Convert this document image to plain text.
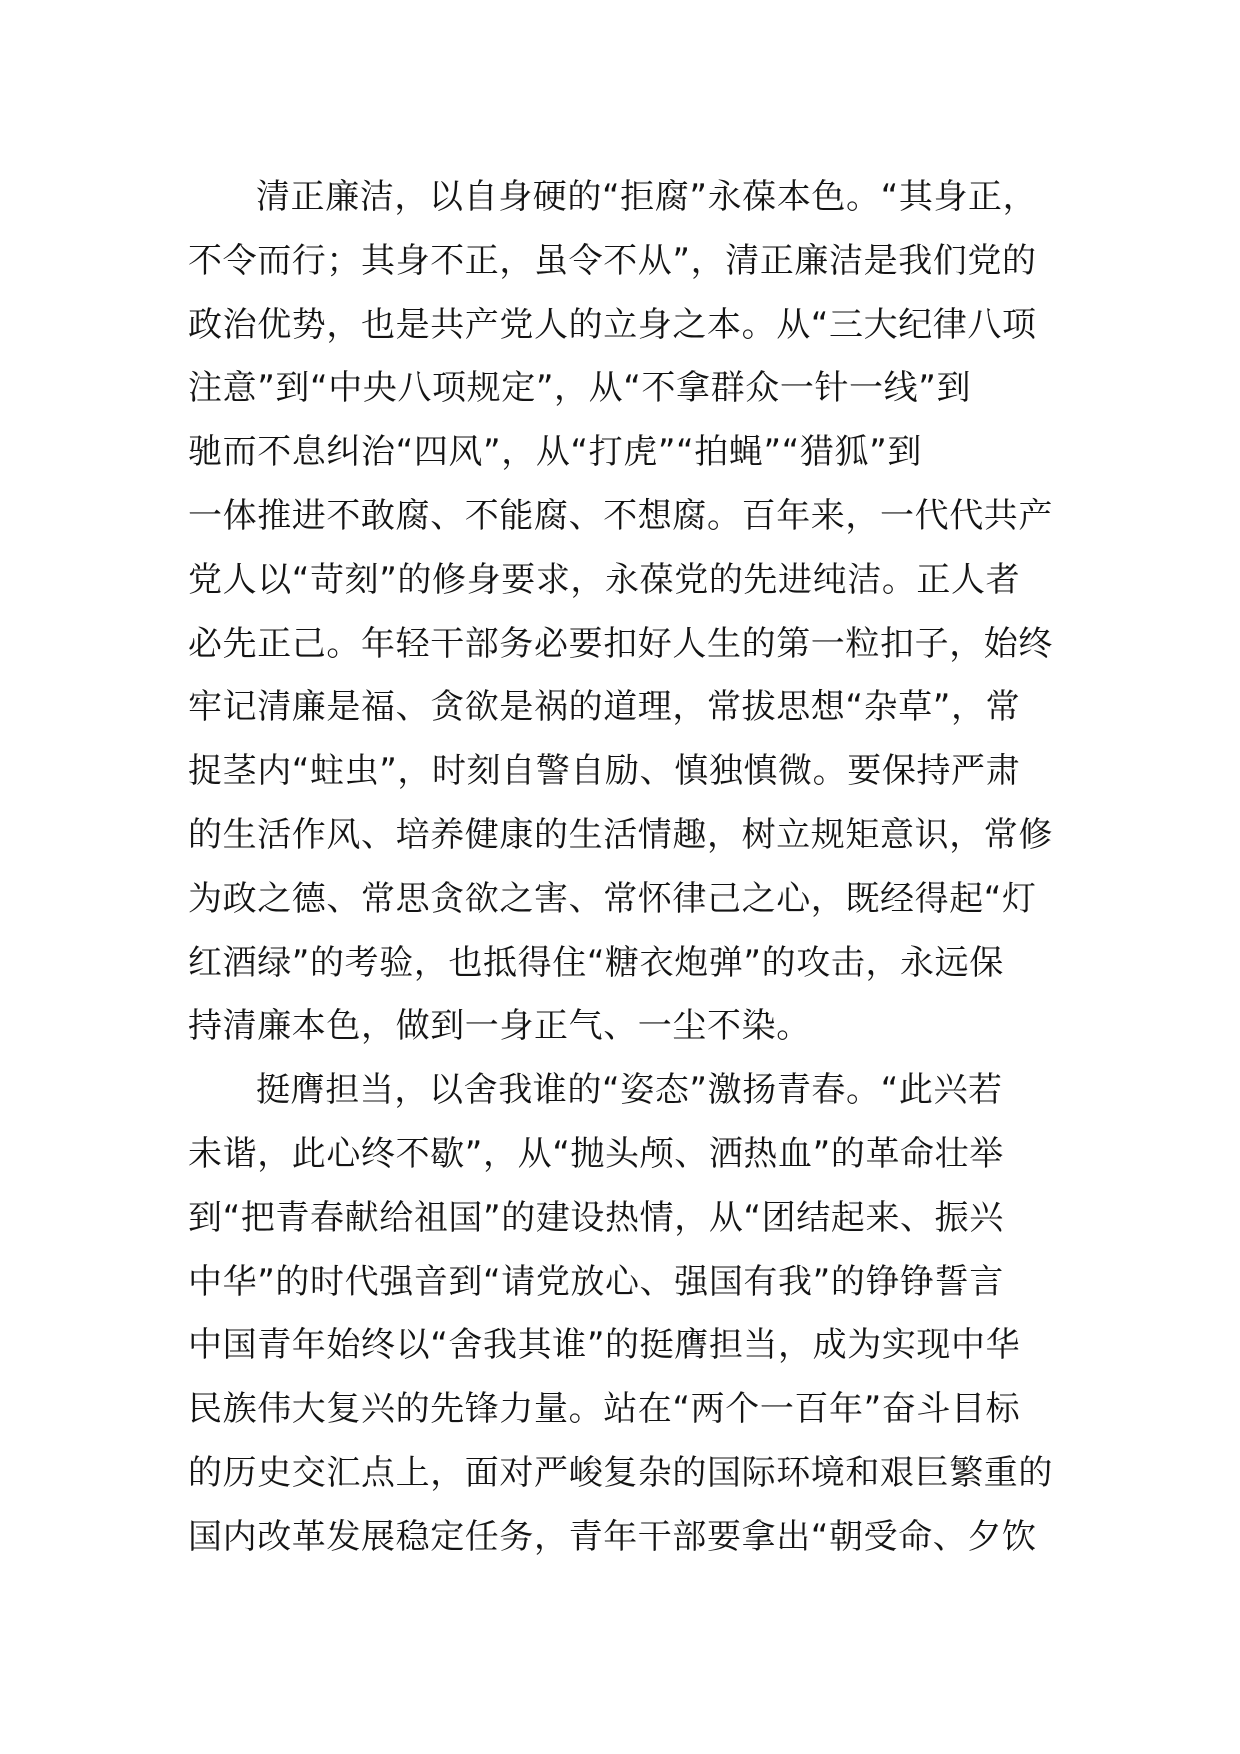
清正廉洁，以自身硬的“拒腐”永葆本色。“其身正，
不令而行；其身不正，虽令不从”，清正廉洁是我们党的
政治优势，也是共产党人的立身之本。从“三大纪律八项
注意”到“中央八项规定”，从“不拿群众一针一线”到
驰而不息纠治“四风”，从“打虎”“拍蝇”“猎狐”到
一体推进不敢腐、不能腐、不想腐。百年来，一代代共产
党人以“苛刻”的修身要求，永葆党的先进纯洁。正人者
必先正己。年轻干部务必要扣好人生的第一粒扣子，始终
牢记清廉是福、贪欲是祸的道理，常拔思想“杂草”，常
捉茎内“蛀虫”，时刻自警自励、慎独慎微。要保持严肃
的生活作风、培养健康的生活情趣，树立规矩意识，常修
为政之德、常思贪欲之害、常怀律己之心，既经得起“灯
红酒绿”的考验，也抵得住“糖衣炮弹”的攻击，永远保
持清廉本色，做到一身正气、一尘不染。
挺膺担当，以舍我谁的“姿态”激扬青春。“此兴若
未谐，此心终不歇”，从“抛头颅、洒热血”的革命壮举
到“把青春献给祖国”的建设热情，从“团结起来、振兴
中华”的时代强音到“请党放心、强国有我”的铮铮誓言
中国青年始终以“舍我其谁”的挺膺担当，成为实现中华
民族伟大复兴的先锋力量。站在“两个一百年”奋斗目标
的历史交汇点上，面对严峻复杂的国际环境和艰巨繁重的
国内改革发展稳定任务，青年干部要拿出“朝受命、夕饮
